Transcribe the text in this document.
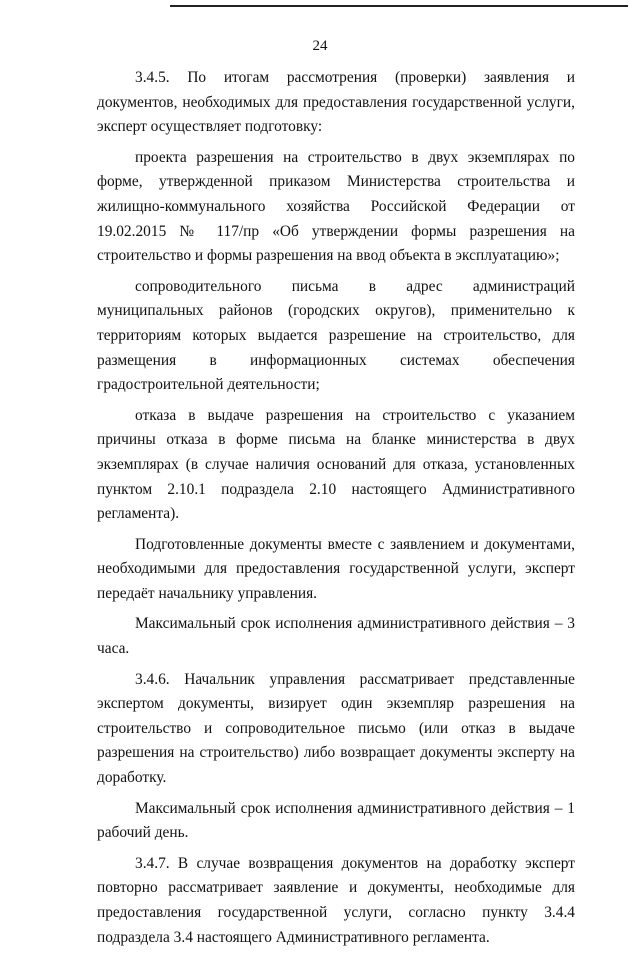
24

3.4.5. По итогам рассмотрения (проверки) заявления и документов, необходимых для предоставления государственной услуги, эксперт осуществляет подготовку:

проекта разрешения на строительство в двух экземплярах по форме, утвержденной приказом Министерства строительства и жилищно-коммунального хозяйства Российской Федерации от 19.02.2015 № 117/пр «Об утверждении формы разрешения на строительство и формы разрешения на ввод объекта в эксплуатацию»;

сопроводительного письма в адрес администраций муниципальных районов (городских округов), применительно к территориям которых выдается разрешение на строительство, для размещения в информационных системах обеспечения градостроительной деятельности;

отказа в выдаче разрешения на строительство с указанием причины отказа в форме письма на бланке министерства в двух экземплярах (в случае наличия оснований для отказа, установленных пунктом 2.10.1 подраздела 2.10 настоящего Административного регламента).

Подготовленные документы вместе с заявлением и документами, необходимыми для предоставления государственной услуги, эксперт передаёт начальнику управления.

Максимальный срок исполнения административного действия – 3 часа.

3.4.6. Начальник управления рассматривает представленные экспертом документы, визирует один экземпляр разрешения на строительство и сопроводительное письмо (или отказ в выдаче разрешения на строительство) либо возвращает документы эксперту на доработку.

Максимальный срок исполнения административного действия – 1 рабочий день.

3.4.7. В случае возвращения документов на доработку эксперт повторно рассматривает заявление и документы, необходимые для предоставления государственной услуги, согласно пункту 3.4.4 подраздела 3.4 настоящего Административного регламента.
